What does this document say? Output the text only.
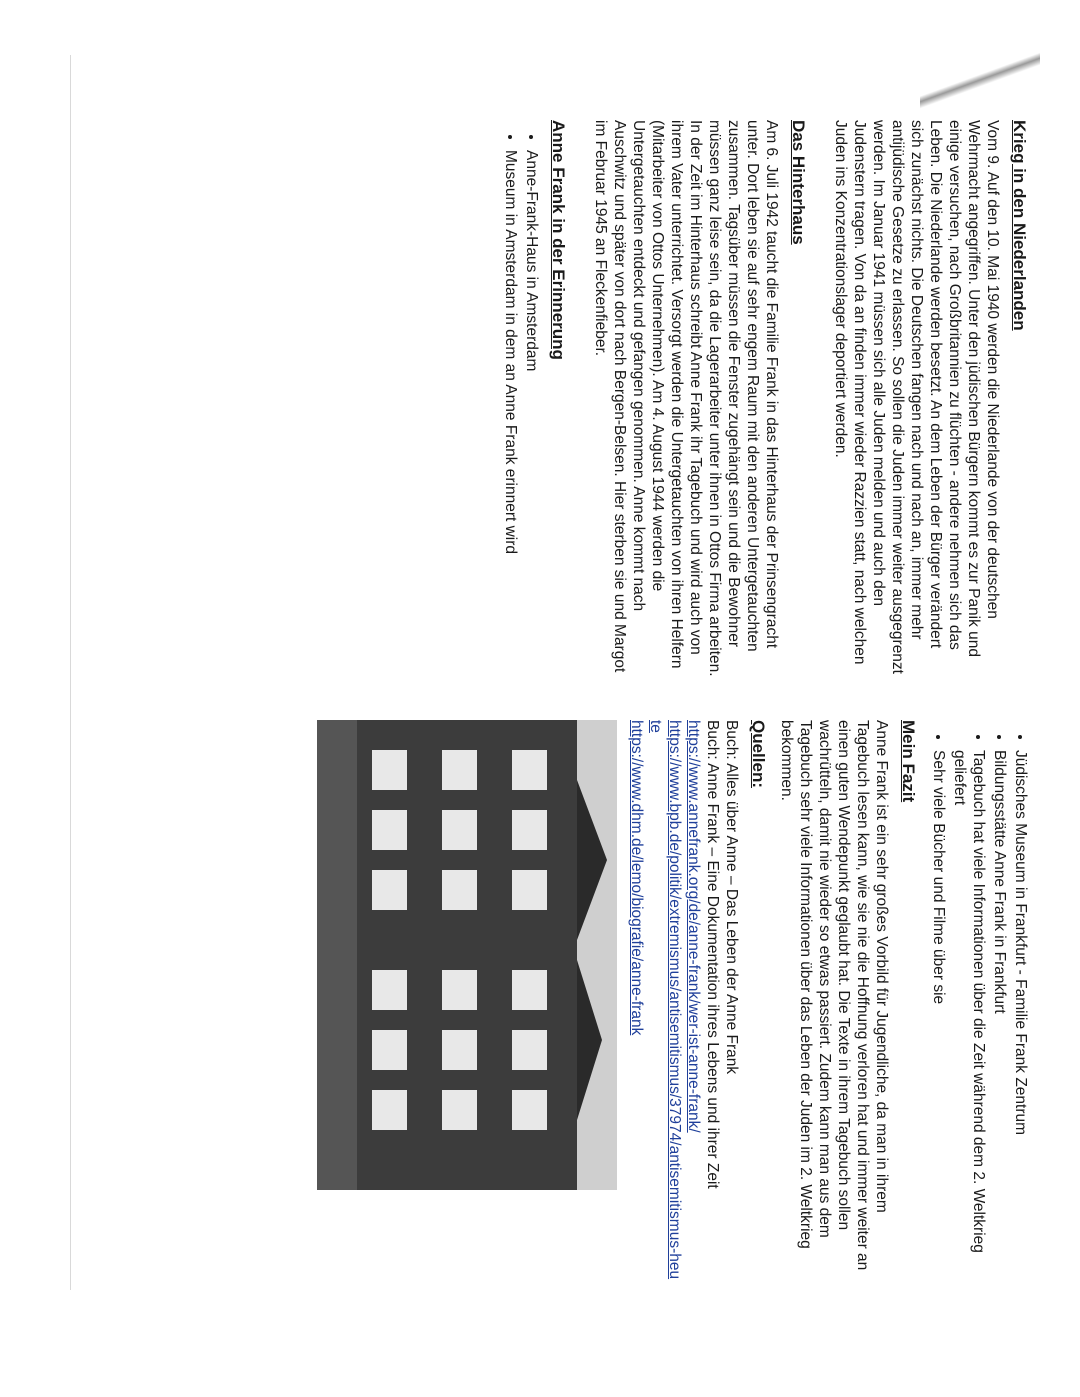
Krieg in den Niederlanden

Vom 9. Auf den 10. Mai 1940 werden die Niederlande von der deutschen Wehrmacht angegriffen. Unter den jüdischen Bürgern kommt es zur Panik und einige versuchen, nach Großbritannien zu flüchten - andere nehmen sich das Leben. Die Niederlande werden besetzt. An dem Leben der Bürger verändert sich zunächst nichts. Die Deutschen fangen nach und nach an, immer mehr antijüdische Gesetze zu erlassen. So sollen die Juden immer weiter ausgegrenzt werden. Im Januar 1941 müssen sich alle Juden melden und auch den Judenstern tragen. Von da an finden immer wieder Razzien statt, nach welchen Juden ins Konzentrationslager deportiert werden.

Das Hinterhaus

Am 6. Juli 1942 taucht die Familie Frank in das Hinterhaus der Prinsengracht unter. Dort leben sie auf sehr engem Raum mit den anderen Untergetauchten zusammen. Tagsüber müssen die Fenster zugehängt sein und die Bewohner müssen ganz leise sein, da die Lagerarbeiter unter ihnen in Ottos Firma arbeiten. In der Zeit im Hinterhaus schreibt Anne Frank ihr Tagebuch und wird auch von ihrem Vater unterrichtet. Versorgt werden die Untergetauchten von ihren Helfern (Mitarbeiter von Ottos Unternehmen). Am 4. August 1944 werden die Untergetauchten entdeckt und gefangen genommen. Anne kommt nach Auschwitz und später von dort nach Bergen-Belsen. Hier sterben sie und Margot im Februar 1945 an Fleckenfieber.

Anne Frank in der Erinnerung
• Anne-Frank-Haus in Amsterdam
• Museum in Amsterdam in dem an Anne Frank erinnert wird
• Jüdisches Museum in Frankfurt - Familie Frank Zentrum
• Bildungsstätte Anne Frank in Frankfurt
• Tagebuch hat viele Informationen über die Zeit während dem 2. Weltkrieg geliefert
• Sehr viele Bücher und Filme über sie
Mein Fazit

Anne Frank ist ein sehr großes Vorbild für Jugendliche, da man in ihrem Tagebuch lesen kann, wie sie nie die Hoffnung verloren hat und immer weiter an einen guten Wendepunkt geglaubt hat. Die Texte in ihrem Tagebuch sollen wachrütteln, damit nie wieder so etwas passiert. Zudem kann man aus dem Tagebuch sehr viele Informationen über das Leben der Juden im 2. Weltkrieg bekommen.

Quellen:
Buch: Alles über Anne – Das Leben der Anne Frank
Buch: Anne Frank – Eine Dokumentation ihres Lebens und ihrer Zeit
https://www.annefrank.org/de/anne-frank/wer-ist-anne-frank/
https://www.bpb.de/politik/extremismus/antisemitismus/37974/antisemitismus-heute
https://www.dhm.de/lemo/biografie/anne-frank
